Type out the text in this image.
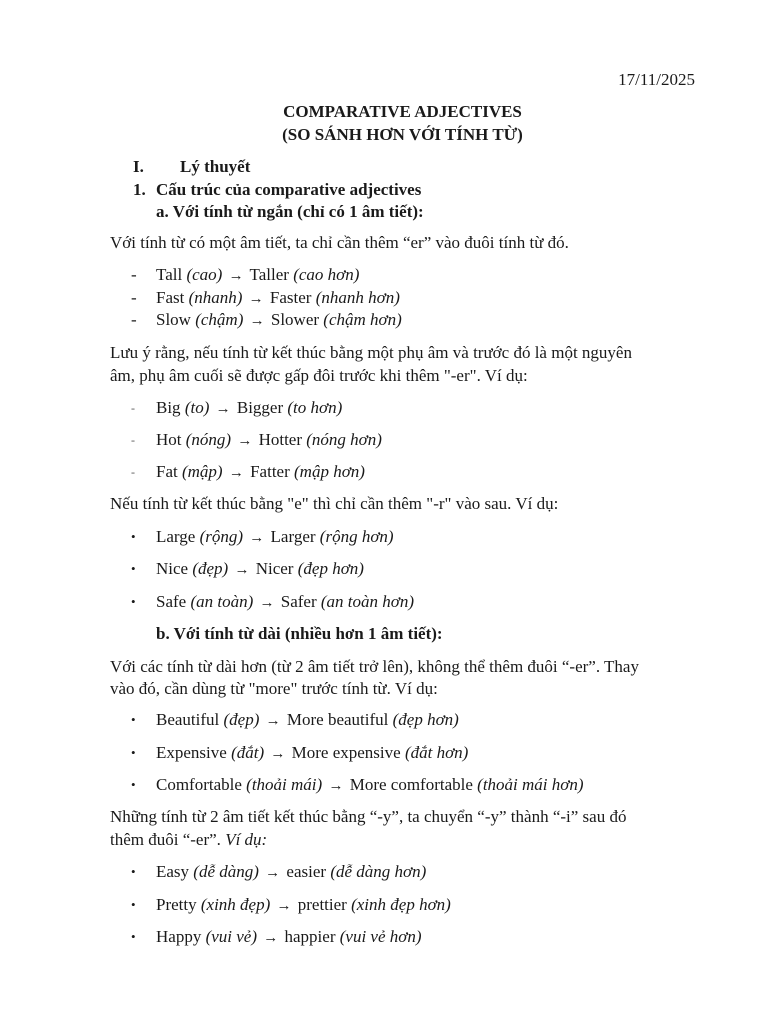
17/11/2025
COMPARATIVE ADJECTIVES
(SO SÁNH HƠN VỚI TÍNH TỪ)
I. Lý thuyết
1. Cấu trúc của comparative adjectives
a. Với tính từ ngắn (chỉ có 1 âm tiết):
Với tính từ có một âm tiết, ta chỉ cần thêm “er” vào đuôi tính từ đó.
- Tall (cao) → Taller (cao hơn)
- Fast (nhanh) → Faster (nhanh hơn)
- Slow (chậm) → Slower (chậm hơn)
Lưu ý rằng, nếu tính từ kết thúc bằng một phụ âm và trước đó là một nguyên
âm, phụ âm cuối sẽ được gấp đôi trước khi thêm "-er". Ví dụ:
- Big (to) → Bigger (to hơn)
- Hot (nóng) → Hotter (nóng hơn)
- Fat (mập) → Fatter (mập hơn)
Nếu tính từ kết thúc bằng "e" thì chỉ cần thêm "-r" vào sau. Ví dụ:
• Large (rộng) → Larger (rộng hơn)
• Nice (đẹp) → Nicer (đẹp hơn)
• Safe (an toàn) → Safer (an toàn hơn)
b. Với tính từ dài (nhiều hơn 1 âm tiết):
Với các tính từ dài hơn (từ 2 âm tiết trở lên), không thể thêm đuôi “-er”. Thay
vào đó, cần dùng từ "more" trước tính từ. Ví dụ:
• Beautiful (đẹp) → More beautiful (đẹp hơn)
• Expensive (đắt) → More expensive (đắt hơn)
• Comfortable (thoải mái) → More comfortable (thoải mái hơn)
Những tính từ 2 âm tiết kết thúc bằng “-y”, ta chuyển “-y” thành “-i” sau đó
thêm đuôi “-er”. Ví dụ:
• Easy (dễ dàng) → easier (dễ dàng hơn)
• Pretty (xinh đẹp) → prettier (xinh đẹp hơn)
• Happy (vui vẻ) → happier (vui vẻ hơn)
